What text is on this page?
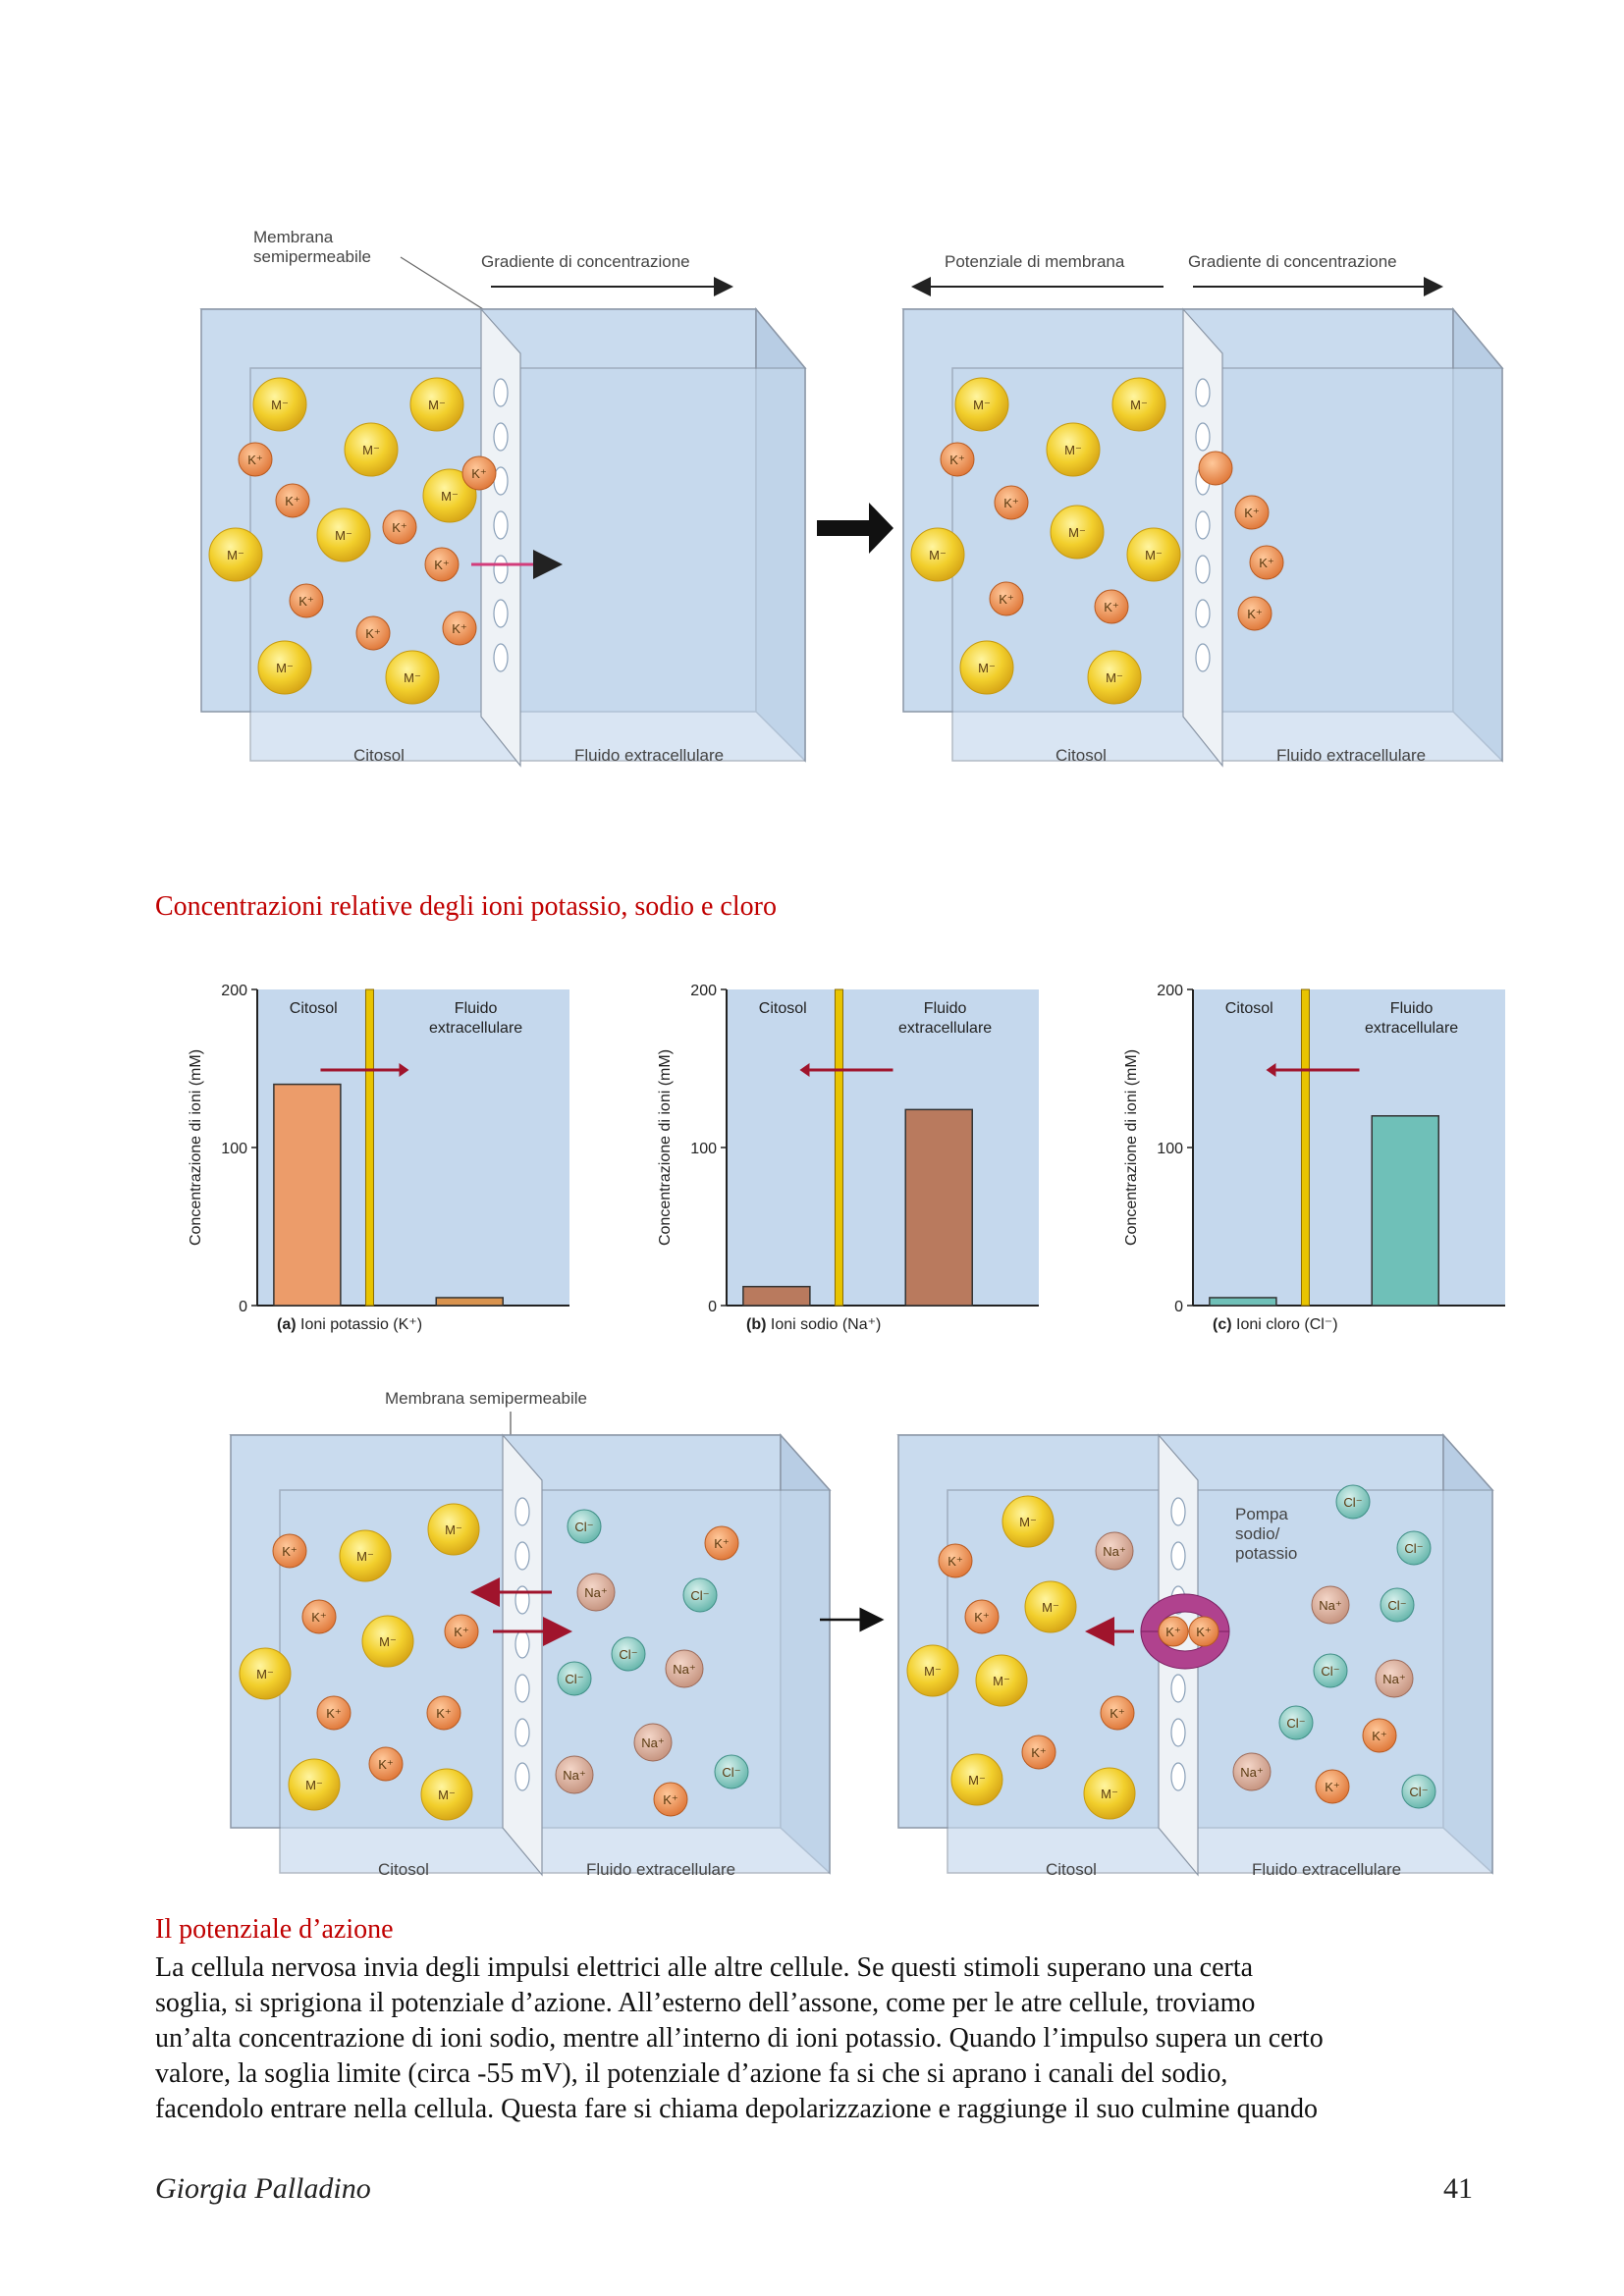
Membrana
semipermeabile	Gradiente di concentrazione	Potenziale di membrana	Gradiente di concentrazione
M⁻	M⁻
M⁻
M⁻
M⁻
M⁻
M⁻
M⁻
K⁺
K⁺
K⁺
K⁺
K⁺
K⁺
K⁺	K⁺
Citosol	Fluido extracellulare
M⁻	M⁻
M⁻
M⁻
M⁻
M⁻
M⁻
M⁻
K⁺
K⁺
K⁺
K⁺
K⁺
K⁺
K⁺
Citosol	Fluido extracellulare
Concentrazioni relative degli ioni potassio, sodio e cloro
200
100
0
Concentrazione di ioni (mM)
Citosol	Fluido
extracellulare
(a) Ioni potassio (K⁺)
200
100
0
Concentrazione di ioni (mM)
Citosol	Fluido
extracellulare
(b) Ioni sodio (Na⁺)
200
100
0
Concentrazione di ioni (mM)
Citosol	Fluido
extracellulare
(c) Ioni cloro (Cl⁻)
Membrana semipermeabile
M⁻
M⁻
M⁻
M⁻
M⁻
M⁻
K⁺
K⁺
K⁺
K⁺	K⁺
K⁺
Cl⁻
K⁺
Na⁺	Cl⁻
Cl⁻
Cl⁻
Na⁺
Na⁺
Na⁺	Cl⁻
K⁺
Citosol	Fluido extracellulare
K⁺ K⁺
Pompa
sodio/
potassio
M⁻
M⁻
M⁻
M⁻
M⁻
M⁻
K⁺
K⁺
K⁺
K⁺
Na⁺
Cl⁻
Cl⁻
Na⁺	Cl⁻
Cl⁻
Na⁺
Cl⁻
K⁺
Na⁺
K⁺	Cl⁻
Citosol	Fluido extracellulare
Il potenziale d’azione

La cellula nervosa invia degli impulsi elettrici alle altre cellule. Se questi stimoli superano una certa

soglia, si sprigiona il potenziale d’azione. All’esterno dell’assone, come per le atre cellule, troviamo

un’alta concentrazione di ioni sodio, mentre all’interno di ioni potassio. Quando l’impulso supera un certo

valore, la soglia limite (circa -55 mV), il potenziale d’azione fa si che si aprano i canali del sodio,

facendolo entrare nella cellula. Questa fare si chiama depolarizzazione e raggiunge il suo culmine quando

Giorgia Palladino	41
